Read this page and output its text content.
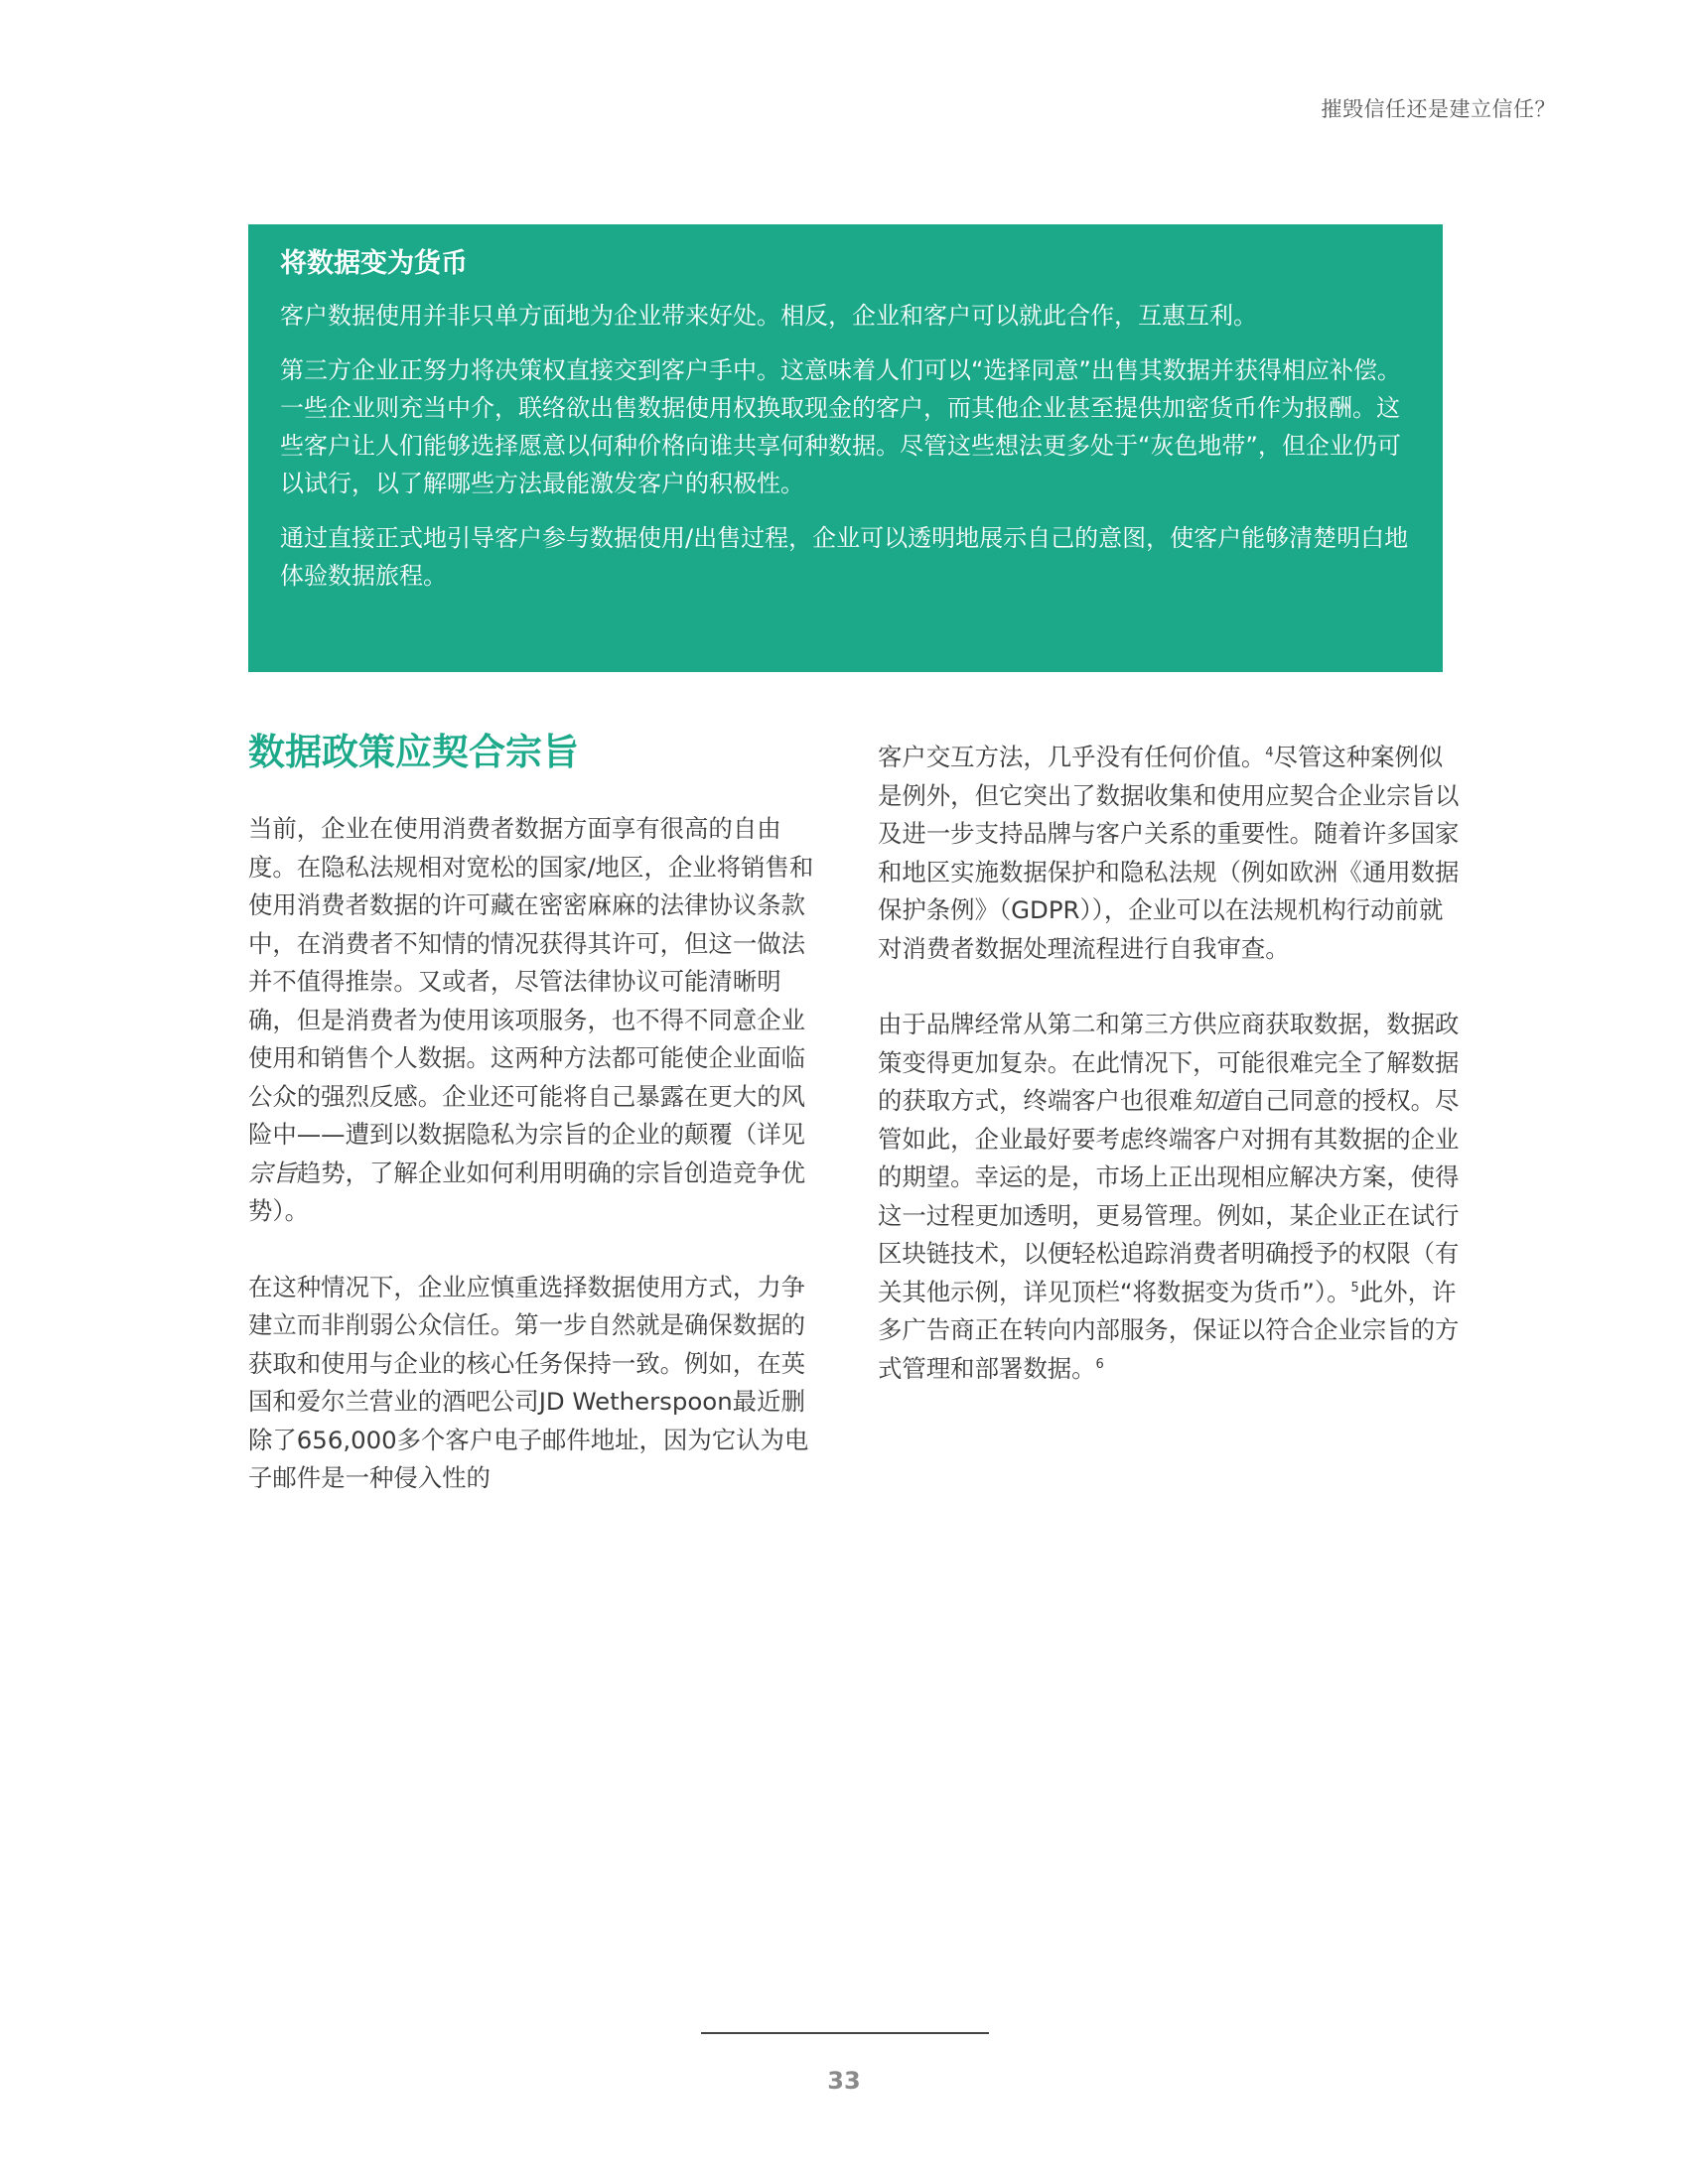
摧毁信任还是建立信任？
将数据变为货币

客户数据使用并非只单方面地为企业带来好处。相反，企业和客户可以就此合作，互惠互利。

第三方企业正努力将决策权直接交到客户手中。这意味着人们可以“选择同意”出售其数据并获得相应补偿。一些企业则充当中介，联络欲出售数据使用权换取现金的客户，而其他企业甚至提供加密货币作为报酬。这些客户让人们能够选择愿意以何种价格向谁共享何种数据。尽管这些想法更多处于“灰色地带”，但企业仍可以试行，以了解哪些方法最能激发客户的积极性。

通过直接正式地引导客户参与数据使用/出售过程，企业可以透明地展示自己的意图，使客户能够清楚明白地体验数据旅程。

数据政策应契合宗旨

当前，企业在使用消费者数据方面享有很高的自由度。在隐私法规相对宽松的国家/地区，企业将销售和使用消费者数据的许可藏在密密麻麻的法律协议条款中，在消费者不知情的情况获得其许可，但这一做法并不值得推崇。又或者，尽管法律协议可能清晰明确，但是消费者为使用该项服务，也不得不同意企业使用和销售个人数据。这两种方法都可能使企业面临公众的强烈反感。企业还可能将自己暴露在更大的风险中——遭到以数据隐私为宗旨的企业的颠覆（详见宗旨趋势，了解企业如何利用明确的宗旨创造竞争优势）。

在这种情况下，企业应慎重选择数据使用方式，力争建立而非削弱公众信任。第一步自然就是确保数据的获取和使用与企业的核心任务保持一致。例如，在英国和爱尔兰营业的酒吧公司JD Wetherspoon最近删除了656,000多个客户电子邮件地址，因为它认为电子邮件是一种侵入性的

客户交互方法，几乎没有任何价值。$^4$尽管这种案例似是例外，但它突出了数据收集和使用应契合企业宗旨以及进一步支持品牌与客户关系的重要性。随着许多国家和地区实施数据保护和隐私法规（例如欧洲《通用数据保护条例》（GDPR）），企业可以在法规机构行动前就对消费者数据处理流程进行自我审查。

由于品牌经常从第二和第三方供应商获取数据，数据政策变得更加复杂。在此情况下，可能很难完全了解数据的获取方式，终端客户也很难知道自己同意的授权。尽管如此，企业最好要考虑终端客户对拥有其数据的企业的期望。幸运的是，市场上正出现相应解决方案，使得这一过程更加透明，更易管理。例如，某企业正在试行区块链技术，以便轻松追踪消费者明确授予的权限（有关其他示例，详见顶栏“将数据变为货币”）。$^5$此外，许多广告商正在转向内部服务，保证以符合企业宗旨的方式管理和部署数据。$^6$

33
